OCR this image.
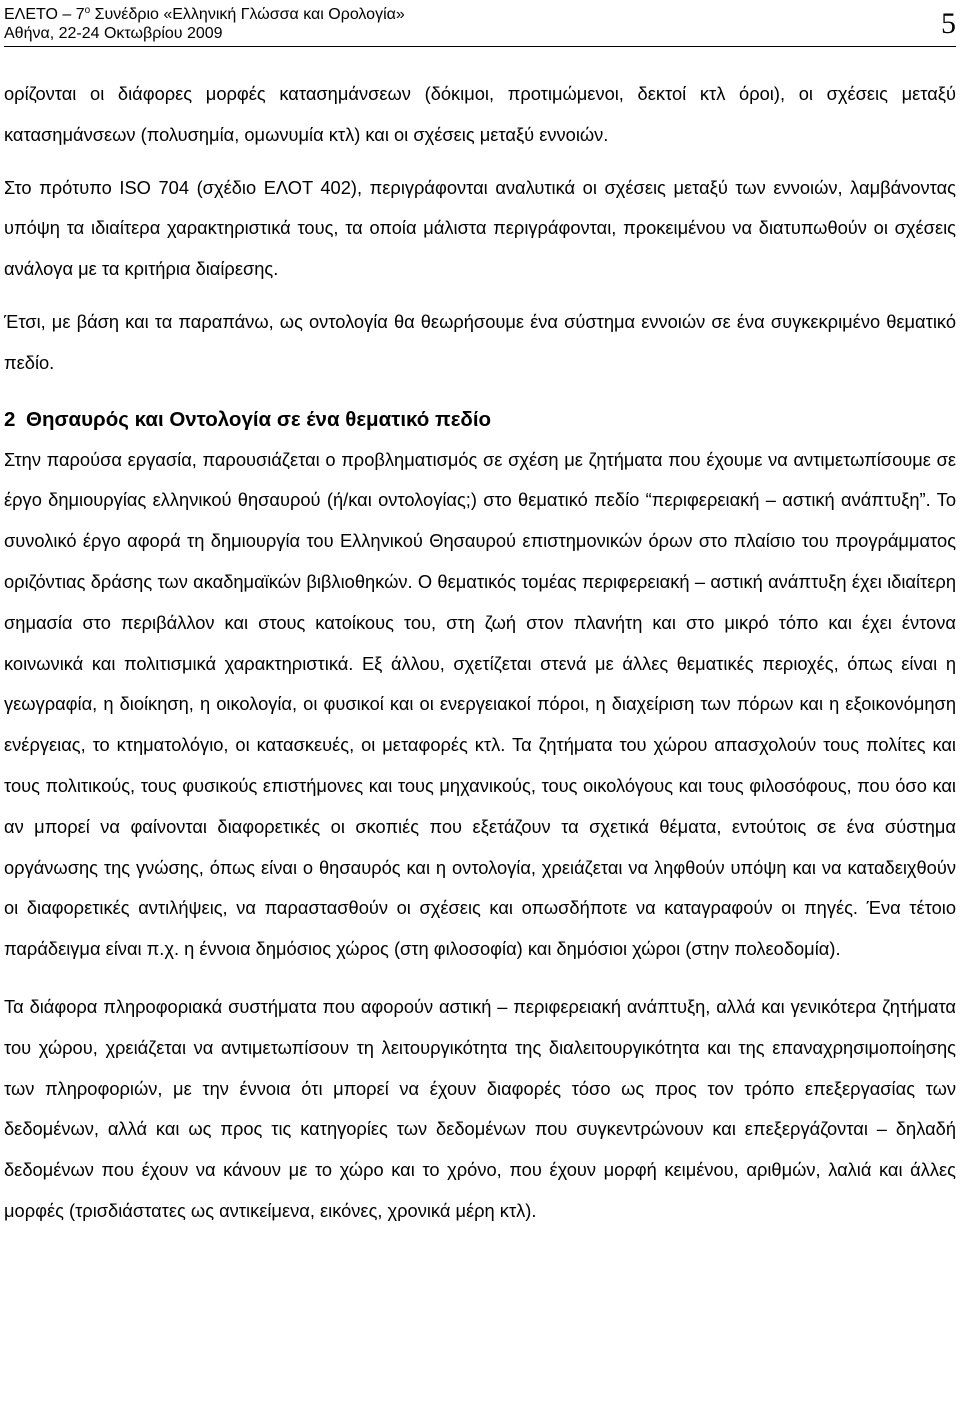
ΕΛΕΤΟ – $7^o$ Συνέδριο «Ελληνική Γλώσσα και Ορολογία»
Αθήνα, 22-24 Οκτωβρίου 2009	5

ορίζονται οι διάφορες μορφές κατασημάνσεων (δόκιμοι, προτιμώμενοι, δεκτοί κτλ όροι), οι σχέσεις μεταξύ κατασημάνσεων (πολυσημία, ομωνυμία κτλ) και οι σχέσεις μεταξύ εννοιών.

Στο πρότυπο ISO 704 (σχέδιο ΕΛΟΤ 402), περιγράφονται αναλυτικά οι σχέσεις μεταξύ των εννοιών, λαμβάνοντας υπόψη τα ιδιαίτερα χαρακτηριστικά τους, τα οποία μάλιστα περιγράφονται, προκειμένου να διατυπωθούν οι σχέσεις ανάλογα με τα κριτήρια διαίρεσης.

Έτσι, με βάση και τα παραπάνω, ως οντολογία θα θεωρήσουμε ένα σύστημα εννοιών σε ένα συγκεκριμένο θεματικό πεδίο.

2 Θησαυρός και Οντολογία σε ένα θεματικό πεδίο

Στην παρούσα εργασία, παρουσιάζεται ο προβληματισμός σε σχέση με ζητήματα που έχουμε να αντιμετωπίσουμε σε έργο δημιουργίας ελληνικού θησαυρού (ή/και οντολογίας;) στο θεματικό πεδίο “περιφερειακή – αστική ανάπτυξη”. Το συνολικό έργο αφορά τη δημιουργία του Ελληνικού Θησαυρού επιστημονικών όρων στο πλαίσιο του προγράμματος οριζόντιας δράσης των ακαδημαϊκών βιβλιοθηκών. Ο θεματικός τομέας περιφερειακή – αστική ανάπτυξη έχει ιδιαίτερη σημασία στο περιβάλλον και στους κατοίκους του, στη ζωή στον πλανήτη και στο μικρό τόπο και έχει έντονα κοινωνικά και πολιτισμικά χαρακτηριστικά. Εξ άλλου, σχετίζεται στενά με άλλες θεματικές περιοχές, όπως είναι η γεωγραφία, η διοίκηση, η οικολογία, οι φυσικοί και οι ενεργειακοί πόροι, η διαχείριση των πόρων και η εξοικονόμηση ενέργειας, το κτηματολόγιο, οι κατασκευές, οι μεταφορές κτλ. Τα ζητήματα του χώρου απασχολούν τους πολίτες και τους πολιτικούς, τους φυσικούς επιστήμονες και τους μηχανικούς, τους οικολόγους και τους φιλοσόφους, που όσο και αν μπορεί να φαίνονται διαφορετικές οι σκοπιές που εξετάζουν τα σχετικά θέματα, εντούτοις σε ένα σύστημα οργάνωσης της γνώσης, όπως είναι ο θησαυρός και η οντολογία, χρειάζεται να ληφθούν υπόψη και να καταδειχθούν οι διαφορετικές αντιλήψεις, να παραστασθούν οι σχέσεις και οπωσδήποτε να καταγραφούν οι πηγές. Ένα τέτοιο παράδειγμα είναι π.χ. η έννοια δημόσιος χώρος (στη φιλοσοφία) και δημόσιοι χώροι (στην πολεοδομία).

Τα διάφορα πληροφοριακά συστήματα που αφορούν αστική – περιφερειακή ανάπτυξη, αλλά και γενικότερα ζητήματα του χώρου, χρειάζεται να αντιμετωπίσουν τη λειτουργικότητα της διαλειτουργικότητα και της επαναχρησιμοποίησης των πληροφοριών, με την έννοια ότι μπορεί να έχουν διαφορές τόσο ως προς τον τρόπο επεξεργασίας των δεδομένων, αλλά και ως προς τις κατηγορίες των δεδομένων που συγκεντρώνουν και επεξεργάζονται – δηλαδή δεδομένων που έχουν να κάνουν με το χώρο και το χρόνο, που έχουν μορφή κειμένου, αριθμών, λαλιά και άλλες μορφές (τρισδιάστατες ως αντικείμενα, εικόνες, χρονικά μέρη κτλ).
